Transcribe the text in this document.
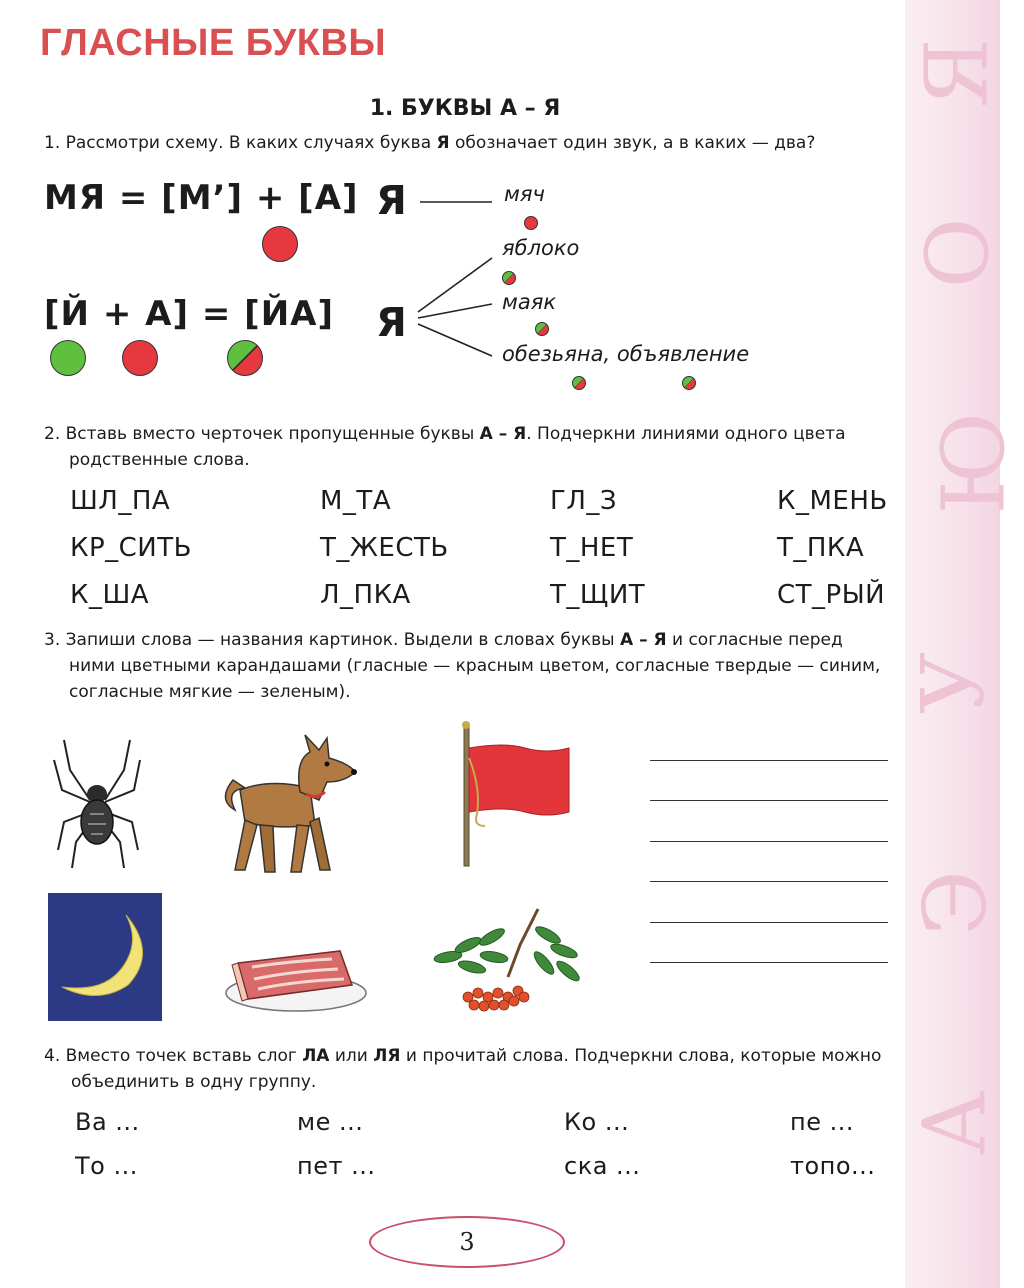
Я
О
Ю
У
Э
А
ГЛАСНЫЕ БУКВЫ
1. БУКВЫ А – Я
1. Рассмотри схему. В каких случаях буква Я обозначает один звук, а в каких — два?
МЯ = [М’] + [А]
[Й + А] = [ЙА]
Я
Я
мяч
яблоко
маяк
обезьяна, объявление
2. Вставь вместо черточек пропущенные буквы А – Я. Подчеркни линиями одного цвета
родственные слова.
ШЛ_ПА	М_ТА	ГЛ_З	К_МЕНЬ
КР_СИТЬ	Т_ЖЕСТЬ	Т_НЕТ	Т_ПКА
К_ША	Л_ПКА	Т_ЩИТ	СТ_РЫЙ
3. Запиши слова — названия картинок. Выдели в словах буквы А – Я и согласные перед
ними цветными карандашами (гласные — красным цветом, согласные твердые — синим,
согласные мягкие — зеленым).
4. Вместо точек вставь слог ЛА или ЛЯ и прочитай слова. Подчеркни слова, которые можно
объединить в одну группу.
Ва ...	ме ...	Ко ...	пе ...
То ...	пет ...	ска ...	топо...
3
